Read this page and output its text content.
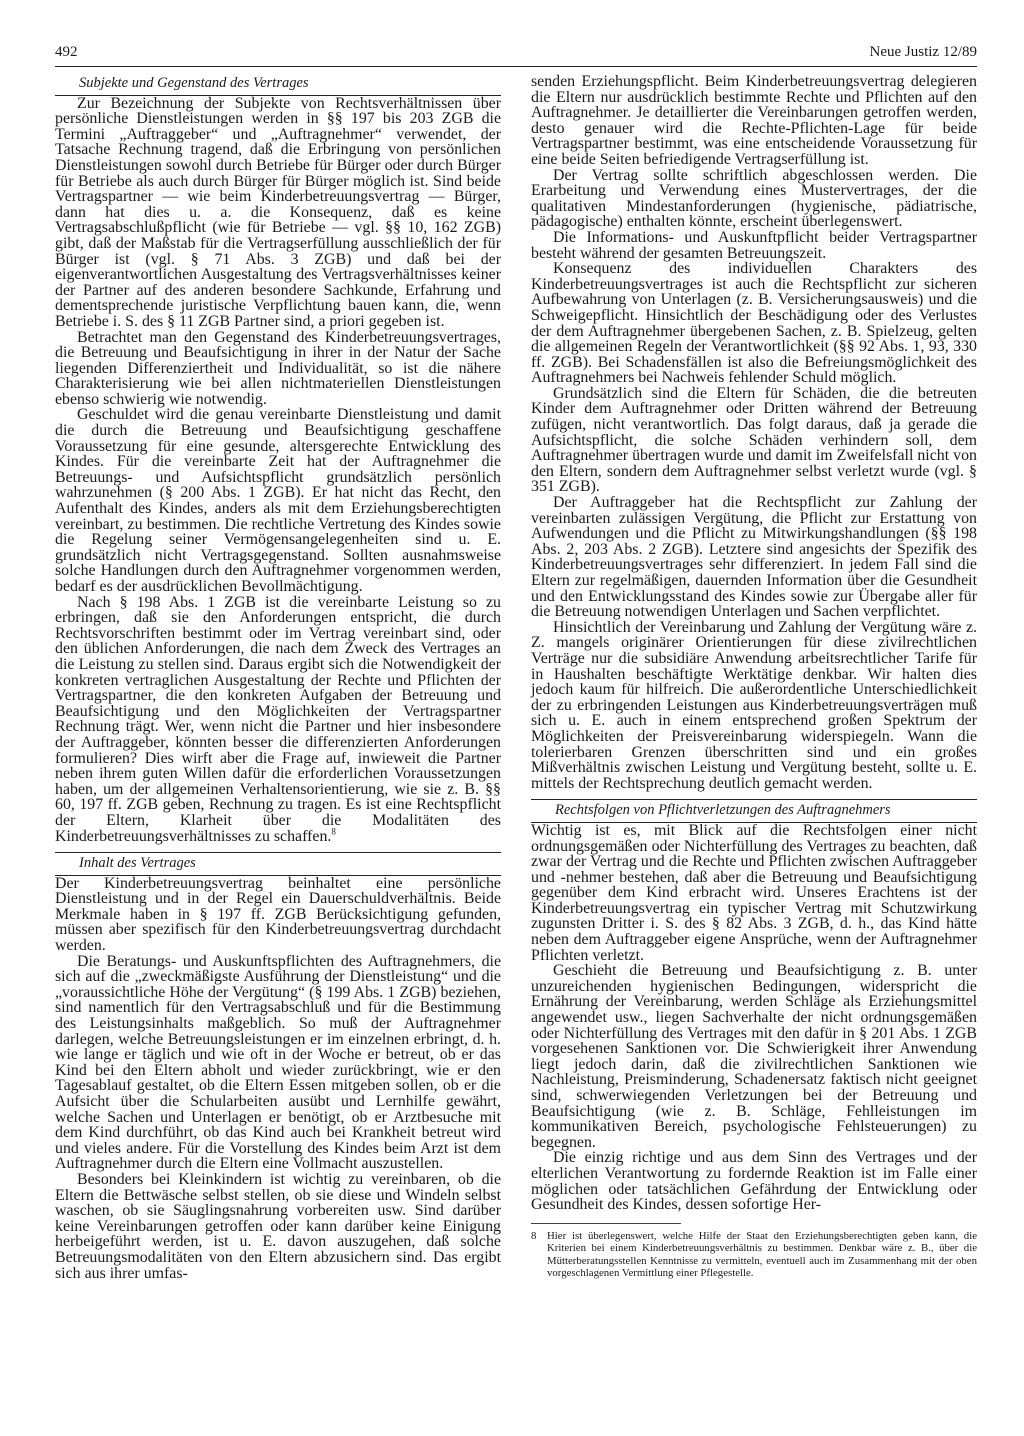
492	Neue Justiz 12/89

Subjekte und Gegenstand des Vertrages

Zur Bezeichnung der Subjekte von Rechtsverhältnissen über persönliche Dienstleistungen werden in §§ 197 bis 203 ZGB die Termini „Auftraggeber“ und „Auftragnehmer“ verwendet, der Tatsache Rechnung tragend, daß die Erbringung von persönlichen Dienstleistungen sowohl durch Betriebe für Bürger oder durch Bürger für Betriebe als auch durch Bürger für Bürger möglich ist. Sind beide Vertragspartner — wie beim Kinderbetreuungsvertrag — Bürger, dann hat dies u. a. die Konsequenz, daß es keine Vertragsabschlußpflicht (wie für Betriebe — vgl. §§ 10, 162 ZGB) gibt, daß der Maßstab für die Vertragserfüllung ausschließlich der für Bürger ist (vgl. § 71 Abs. 3 ZGB) und daß bei der eigenverantwortlichen Ausgestaltung des Vertragsverhältnisses keiner der Partner auf des anderen besondere Sachkunde, Erfahrung und dementsprechende juristische Verpflichtung bauen kann, die, wenn Betriebe i. S. des § 11 ZGB Partner sind, a priori gegeben ist.

Betrachtet man den Gegenstand des Kinderbetreuungsvertrages, die Betreuung und Beaufsichtigung in ihrer in der Natur der Sache liegenden Differenziertheit und Individualität, so ist die nähere Charakterisierung wie bei allen nichtmateriellen Dienstleistungen ebenso schwierig wie notwendig.

Geschuldet wird die genau vereinbarte Dienstleistung und damit die durch die Betreuung und Beaufsichtigung geschaffene Voraussetzung für eine gesunde, altersgerechte Entwicklung des Kindes. Für die vereinbarte Zeit hat der Auftragnehmer die Betreuungs- und Aufsichtspflicht grundsätzlich persönlich wahrzunehmen (§ 200 Abs. 1 ZGB). Er hat nicht das Recht, den Aufenthalt des Kindes, anders als mit dem Erziehungsberechtigten vereinbart, zu bestimmen. Die rechtliche Vertretung des Kindes sowie die Regelung seiner Vermögensangelegenheiten sind u. E. grundsätzlich nicht Vertragsgegenstand. Sollten ausnahmsweise solche Handlungen durch den Auftragnehmer vorgenommen werden, bedarf es der ausdrücklichen Bevollmächtigung.

Nach § 198 Abs. 1 ZGB ist die vereinbarte Leistung so zu erbringen, daß sie den Anforderungen entspricht, die durch Rechtsvorschriften bestimmt oder im Vertrag vereinbart sind, oder den üblichen Anforderungen, die nach dem Zweck des Vertrages an die Leistung zu stellen sind. Daraus ergibt sich die Notwendigkeit der konkreten vertraglichen Ausgestaltung der Rechte und Pflichten der Vertragspartner, die den konkreten Aufgaben der Betreuung und Beaufsichtigung und den Möglichkeiten der Vertragspartner Rechnung trägt. Wer, wenn nicht die Partner und hier insbesondere der Auftraggeber, könnten besser die differenzierten Anforderungen formulieren? Dies wirft aber die Frage auf, inwieweit die Partner neben ihrem guten Willen dafür die erforderlichen Voraussetzungen haben, um der allgemeinen Verhaltensorientierung, wie sie z. B. §§ 60, 197 ff. ZGB geben, Rechnung zu tragen. Es ist eine Rechtspflicht der Eltern, Klarheit über die Modalitäten des Kinderbetreuungsverhältnisses zu schaffen.$^8$

Inhalt des Vertrages

Der Kinderbetreuungsvertrag beinhaltet eine persönliche Dienstleistung und in der Regel ein Dauerschuldverhältnis. Beide Merkmale haben in § 197 ff. ZGB Berücksichtigung gefunden, müssen aber spezifisch für den Kinderbetreuungsvertrag durchdacht werden.

Die Beratungs- und Auskunftspflichten des Auftragnehmers, die sich auf die „zweckmäßigste Ausführung der Dienstleistung“ und die „voraussichtliche Höhe der Vergütung“ (§ 199 Abs. 1 ZGB) beziehen, sind namentlich für den Vertragsabschluß und für die Bestimmung des Leistungsinhalts maßgeblich. So muß der Auftragnehmer darlegen, welche Betreuungsleistungen er im einzelnen erbringt, d. h. wie lange er täglich und wie oft in der Woche er betreut, ob er das Kind bei den Eltern abholt und wieder zurückbringt, wie er den Tagesablauf gestaltet, ob die Eltern Essen mitgeben sollen, ob er die Aufsicht über die Schularbeiten ausübt und Lernhilfe gewährt, welche Sachen und Unterlagen er benötigt, ob er Arztbesuche mit dem Kind durchführt, ob das Kind auch bei Krankheit betreut wird und vieles andere. Für die Vorstellung des Kindes beim Arzt ist dem Auftragnehmer durch die Eltern eine Vollmacht auszustellen.

Besonders bei Kleinkindern ist wichtig zu vereinbaren, ob die Eltern die Bettwäsche selbst stellen, ob sie diese und Windeln selbst waschen, ob sie Säuglingsnahrung vorbereiten usw. Sind darüber keine Vereinbarungen getroffen oder kann darüber keine Einigung herbeigeführt werden, ist u. E. davon auszugehen, daß solche Betreuungsmodalitäten von den Eltern abzusichern sind. Das ergibt sich aus ihrer umfas-

senden Erziehungspflicht. Beim Kinderbetreuungsvertrag delegieren die Eltern nur ausdrücklich bestimmte Rechte und Pflichten auf den Auftragnehmer. Je detaillierter die Vereinbarungen getroffen werden, desto genauer wird die Rechte-Pflichten-Lage für beide Vertragspartner bestimmt, was eine entscheidende Voraussetzung für eine beide Seiten befriedigende Vertragserfüllung ist.

Der Vertrag sollte schriftlich abgeschlossen werden. Die Erarbeitung und Verwendung eines Mustervertrages, der die qualitativen Mindestanforderungen (hygienische, pädiatrische, pädagogische) enthalten könnte, erscheint überlegenswert.

Die Informations- und Auskunftpflicht beider Vertragspartner besteht während der gesamten Betreuungszeit.

Konsequenz des individuellen Charakters des Kinderbetreuungsvertrages ist auch die Rechtspflicht zur sicheren Aufbewahrung von Unterlagen (z. B. Versicherungsausweis) und die Schweigepflicht. Hinsichtlich der Beschädigung oder des Verlustes der dem Auftragnehmer übergebenen Sachen, z. B. Spielzeug, gelten die allgemeinen Regeln der Verantwortlichkeit (§§ 92 Abs. 1, 93, 330 ff. ZGB). Bei Schadensfällen ist also die Befreiungsmöglichkeit des Auftragnehmers bei Nachweis fehlender Schuld möglich.

Grundsätzlich sind die Eltern für Schäden, die die betreuten Kinder dem Auftragnehmer oder Dritten während der Betreuung zufügen, nicht verantwortlich. Das folgt daraus, daß ja gerade die Aufsichtspflicht, die solche Schäden verhindern soll, dem Auftragnehmer übertragen wurde und damit im Zweifelsfall nicht von den Eltern, sondern dem Auftragnehmer selbst verletzt wurde (vgl. § 351 ZGB).

Der Auftraggeber hat die Rechtspflicht zur Zahlung der vereinbarten zulässigen Vergütung, die Pflicht zur Erstattung von Aufwendungen und die Pflicht zu Mitwirkungshandlungen (§§ 198 Abs. 2, 203 Abs. 2 ZGB). Letztere sind angesichts der Spezifik des Kinderbetreuungsvertrages sehr differenziert. In jedem Fall sind die Eltern zur regelmäßigen, dauernden Information über die Gesundheit und den Entwicklungsstand des Kindes sowie zur Übergabe aller für die Betreuung notwendigen Unterlagen und Sachen verpflichtet.

Hinsichtlich der Vereinbarung und Zahlung der Vergütung wäre z. Z. mangels originärer Orientierungen für diese zivilrechtlichen Verträge nur die subsidiäre Anwendung arbeitsrechtlicher Tarife für in Haushalten beschäftigte Werktätige denkbar. Wir halten dies jedoch kaum für hilfreich. Die außerordentliche Unterschiedlichkeit der zu erbringenden Leistungen aus Kinderbetreuungsverträgen muß sich u. E. auch in einem entsprechend großen Spektrum der Möglichkeiten der Preisvereinbarung widerspiegeln. Wann die tolerierbaren Grenzen überschritten sind und ein großes Mißverhältnis zwischen Leistung und Vergütung besteht, sollte u. E. mittels der Rechtsprechung deutlich gemacht werden.

Rechtsfolgen von Pflichtverletzungen des Auftragnehmers

Wichtig ist es, mit Blick auf die Rechtsfolgen einer nicht ordnungsgemäßen oder Nichterfüllung des Vertrages zu beachten, daß zwar der Vertrag und die Rechte und Pflichten zwischen Auftraggeber und -nehmer bestehen, daß aber die Betreuung und Beaufsichtigung gegenüber dem Kind erbracht wird. Unseres Erachtens ist der Kinderbetreuungsvertrag ein typischer Vertrag mit Schutzwirkung zugunsten Dritter i. S. des § 82 Abs. 3 ZGB, d. h., das Kind hätte neben dem Auftraggeber eigene Ansprüche, wenn der Auftragnehmer Pflichten verletzt.

Geschieht die Betreuung und Beaufsichtigung z. B. unter unzureichenden hygienischen Bedingungen, widerspricht die Ernährung der Vereinbarung, werden Schläge als Erziehungsmittel angewendet usw., liegen Sachverhalte der nicht ordnungsgemäßen oder Nichterfüllung des Vertrages mit den dafür in § 201 Abs. 1 ZGB vorgesehenen Sanktionen vor. Die Schwierigkeit ihrer Anwendung liegt jedoch darin, daß die zivilrechtlichen Sanktionen wie Nachleistung, Preisminderung, Schadenersatz faktisch nicht geeignet sind, schwerwiegenden Verletzungen bei der Betreuung und Beaufsichtigung (wie z. B. Schläge, Fehlleistungen im kommunikativen Bereich, psychologische Fehlsteuerungen) zu begegnen.

Die einzig richtige und aus dem Sinn des Vertrages und der elterlichen Verantwortung zu fordernde Reaktion ist im Falle einer möglichen oder tatsächlichen Gefährdung der Entwicklung oder Gesundheit des Kindes, dessen sofortige Her-

8 Hier ist überlegenswert, welche Hilfe der Staat den Erziehungsberechtigten geben kann, die Kriterien bei einem Kinderbetreuungsverhältnis zu bestimmen. Denkbar wäre z. B., über die Mütterberatungsstellen Kenntnisse zu vermitteln, eventuell auch im Zusammenhang mit der oben vorgeschlagenen Vermittlung einer Pflegestelle.
